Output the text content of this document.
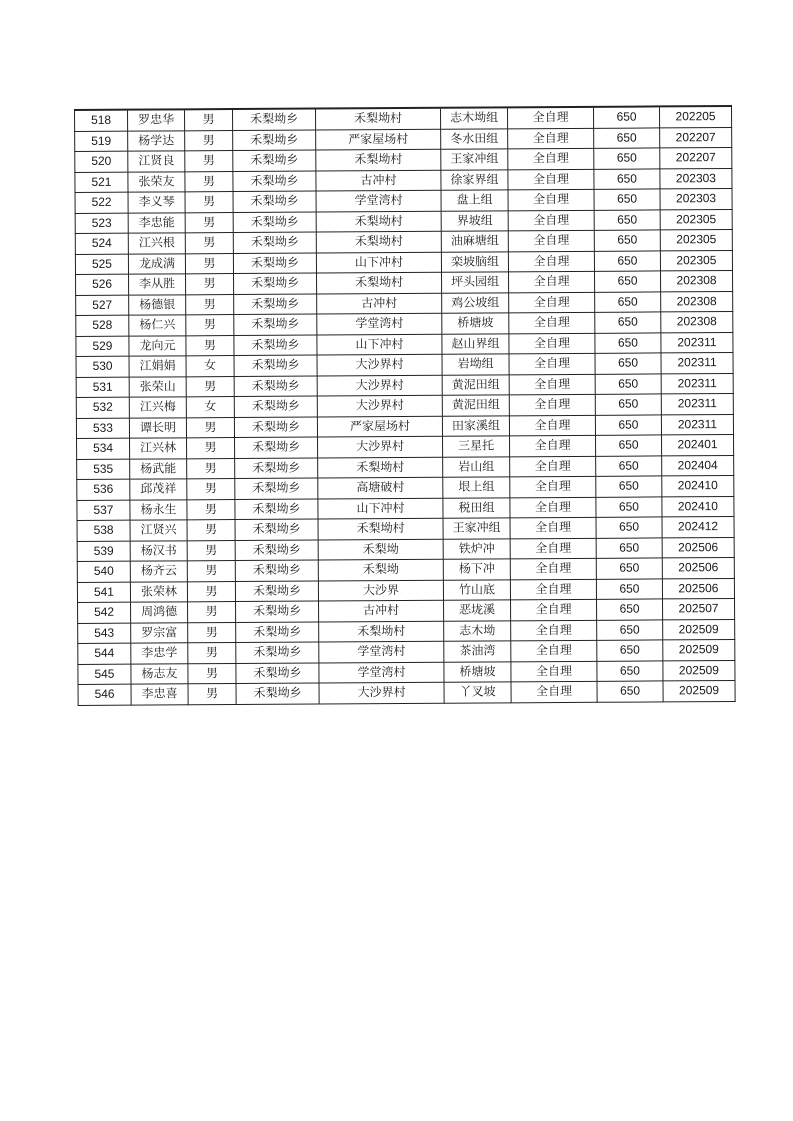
518	罗忠华	男	禾梨坳乡	禾梨坳村	志木坳组	全自理	650	202205
519	杨学达	男	禾梨坳乡	严家屋场村	冬水田组	全自理	650	202207
520	江贤良	男	禾梨坳乡	禾梨坳村	王家冲组	全自理	650	202207
521	张荣友	男	禾梨坳乡	古冲村	徐家界组	全自理	650	202303
522	李义琴	男	禾梨坳乡	学堂湾村	盘上组	全自理	650	202303
523	李忠能	男	禾梨坳乡	禾梨坳村	界坡组	全自理	650	202305
524	江兴根	男	禾梨坳乡	禾梨坳村	油麻塘组	全自理	650	202305
525	龙成满	男	禾梨坳乡	山下冲村	栾坡脑组	全自理	650	202305
526	李从胜	男	禾梨坳乡	禾梨坳村	坪头园组	全自理	650	202308
527	杨德银	男	禾梨坳乡	古冲村	鸡公坡组	全自理	650	202308
528	杨仁兴	男	禾梨坳乡	学堂湾村	桥塘坡	全自理	650	202308
529	龙向元	男	禾梨坳乡	山下冲村	赵山界组	全自理	650	202311
530	江娟娟	女	禾梨坳乡	大沙界村	岩坳组	全自理	650	202311
531	张荣山	男	禾梨坳乡	大沙界村	黄泥田组	全自理	650	202311
532	江兴梅	女	禾梨坳乡	大沙界村	黄泥田组	全自理	650	202311
533	谭长明	男	禾梨坳乡	严家屋场村	田家溪组	全自理	650	202311
534	江兴林	男	禾梨坳乡	大沙界村	三星托	全自理	650	202401
535	杨武能	男	禾梨坳乡	禾梨坳村	岩山组	全自理	650	202404
536	邱茂祥	男	禾梨坳乡	高塘破村	垠上组	全自理	650	202410
537	杨永生	男	禾梨坳乡	山下冲村	税田组	全自理	650	202410
538	江贤兴	男	禾梨坳乡	禾梨坳村	王家冲组	全自理	650	202412
539	杨汉书	男	禾梨坳乡	禾梨坳	铁炉冲	全自理	650	202506
540	杨齐云	男	禾梨坳乡	禾梨坳	杨下冲	全自理	650	202506
541	张荣林	男	禾梨坳乡	大沙界	竹山底	全自理	650	202506
542	周鸿德	男	禾梨坳乡	古冲村	恶垅溪	全自理	650	202507
543	罗宗富	男	禾梨坳乡	禾梨坳村	志木坳	全自理	650	202509
544	李忠学	男	禾梨坳乡	学堂湾村	茶油湾	全自理	650	202509
545	杨志友	男	禾梨坳乡	学堂湾村	桥塘坡	全自理	650	202509
546	李忠喜	男	禾梨坳乡	大沙界村	丫叉坡	全自理	650	202509
